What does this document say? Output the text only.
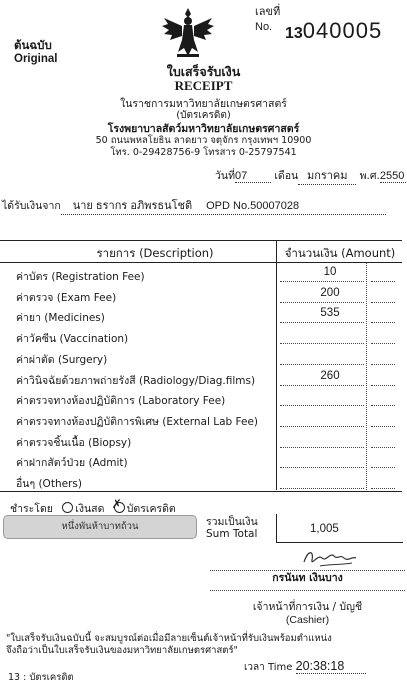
ต้นฉบับ
Original
เลขที่
No. 13040005
ใบเสร็จรับเงิน
RECEIPT
ในราชการมหาวิทยาลัยเกษตรศาสตร์
(บัตรเครดิต)
โรงพยาบาลสัตว์มหาวิทยาลัยเกษตรศาสตร์
50 ถนนพหลโยธิน ลาดยาว จตุจักร กรุงเทพฯ 10900
โทร. 0-29428756-9 โทรสาร 0-25797541
วันที่07	เดือน มกราคม พ.ศ.2550
ได้รับเงินจาก นาย ธรากร อภิพรธนโชติ OPD No.50007028
รายการ (Description)	จำนวนเงิน (Amount)
ค่าบัตร (Registration Fee)	10
ค่าตรวจ (Exam Fee)	200
ค่ายา (Medicines)	535
ค่าวัคซีน (Vaccination)
ค่าผ่าตัด (Surgery)
ค่าวินิจฉัยด้วยภาพถ่ายรังสี (Radiology/Diag.films)	260
ค่าตรวจทางห้องปฏิบัติการ (Laboratory Fee)
ค่าตรวจทางห้องปฏิบัติการพิเศษ (External Lab Fee)
ค่าตรวจชิ้นเนื้อ (Biopsy)
ค่าฝากสัตว์ป่วย (Admit)
อื่นๆ (Others)
ชำระโดย เงินสด ✗ บัตรเครดิต
หนึ่งพันห้าบาทถ้วน	รวมเป็นเงิน
Sum Total	1,005
กรนันท เงินบาง
เจ้าหน้าที่การเงิน / บัญชี
(Cashier)
"ใบเสร็จรับเงินฉบับนี้ จะสมบูรณ์ต่อเมื่อมีลายเซ็นต์เจ้าหน้าที่รับเงินพร้อมตำแหน่ง
จึงถือว่าเป็นใบเสร็จรับเงินของมหาวิทยาลัยเกษตรศาสตร์"
เวลา Time 20:38:18
13 : บัตรเครดิต
